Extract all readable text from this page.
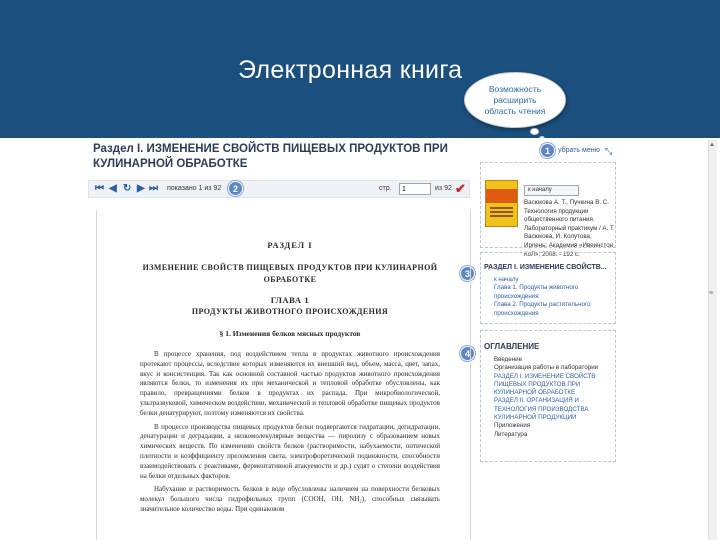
Электронная книга
Возможность расширить область чтения
Раздел I. ИЗМЕНЕНИЕ СВОЙСТВ ПИЩЕВЫХ ПРОДУКТОВ ПРИ КУЛИНАРНОЙ ОБРАБОТКЕ
⏮ ◀ ↻ ▶ ⏭ показано 1 из 92	стр.
1	из 92 ✔
1
2
3
4
РАЗДЕЛ I
ИЗМЕНЕНИЕ СВОЙСТВ ПИЩЕВЫХ ПРОДУКТОВ ПРИ КУЛИНАРНОЙ ОБРАБОТКЕ
ГЛАВА 1
ПРОДУКТЫ ЖИВОТНОГО ПРОИСХОЖДЕНИЯ
§ 1. Изменения белков мясных продуктов
В процессе хранения, под воздействием тепла в продуктах животного происхождения протекают процессы, вследствие которых изменяются их внешний вид, объем, масса, цвет, запах, вкус и консистенция. Так как основной составной частью продуктов животного происхождения являются белки, то изменения их при механической и тепловой обработке обусловлены, как правило, превращениями белков в продуктах их распада. При микробиологической, ультразвуковой, химическом воздействии, механической и тепловой обработке пищевых продуктов белки денатурируют, поэтому изменяются их свойства.
В процессе производства пищевых продуктов белки подвергаются гидратации, дегидратации, денатурации и деградации, а низкомолекулярные вещества — пиролизу с образованием новых химических веществ. По изменению свойств белков (растворимости, набухаемости, оптической плотности и коэффициенту преломления света, электрофоретической подвижности, способности взаимодействовать с реактивами, ферментативной атакуемости и др.) судят о степени воздействия на белки отдельных факторов.
Набухание и растворимость белков в воде обусловлены наличием на поверхности белковых молекул большого числа гидрофильных групп (СООН, ОН, NH₂), способных связывать значительное количество воды. При одинаковом
убрать меню ⤡
к началу
Васюкова А. Т., Пучкина В. С. Технология продукции общественного питания. Лабораторный практикум / А. Т. Васюкова, И. Колутова, Ирпень: Академия «Ивеинстон КоЛ», 2008. - 192 с.
РАЗДЕЛ I. ИЗМЕНЕНИЕ СВОЙСТВ...
к началу
Глава 1. Продукты животного происхождения
Глава 2. Продукты растительного происхождения
ОГЛАВЛЕНИЕ
Введение
Организация работы в лаборатории
РАЗДЕЛ I. ИЗМЕНЕНИЕ СВОЙСТВ ПИЩЕВЫХ ПРОДУКТОВ ПРИ КУЛИНАРНОЙ ОБРАБОТКЕ
РАЗДЕЛ II. ОРГАНИЗАЦИЯ И ТЕХНОЛОГИЯ ПРОИЗВОДСТВА КУЛИНАРНОЙ ПРОДУКЦИИ
Приложения
Литература
▲
≡
